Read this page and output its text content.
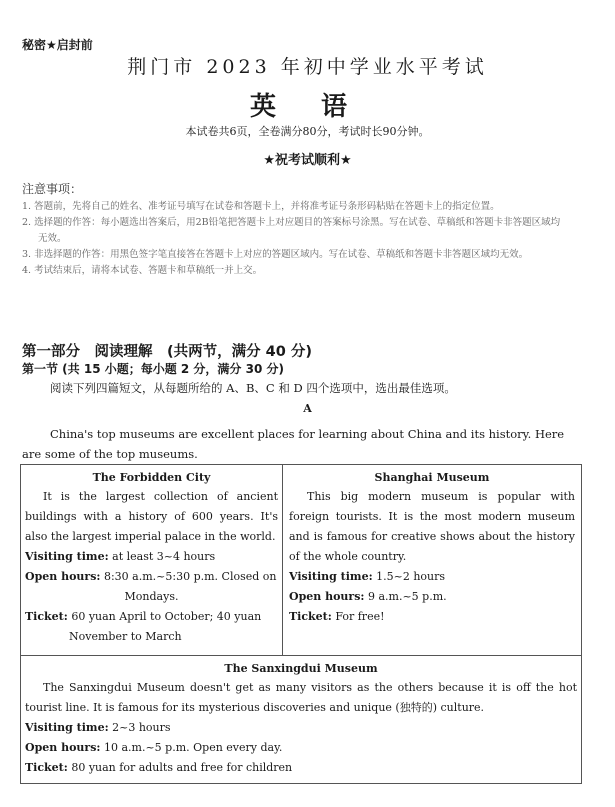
秘密★启封前
荆门市 2023 年初中学业水平考试
英 语
本试卷共6页，全卷满分80分，考试时长90分钟。
★祝考试顺利★
注意事项：
1. 答题前，先将自己的姓名、准考证号填写在试卷和答题卡上，并将准考证号条形码粘贴在答题卡上的指定位置。
2. 选择题的作答：每小题选出答案后，用2B铅笔把答题卡上对应题目的答案标号涂黑。写在试卷、草稿纸和答题卡非答题区域均无效。
3. 非选择题的作答：用黑色签字笔直接答在答题卡上对应的答题区域内。写在试卷、草稿纸和答题卡非答题区域均无效。
4. 考试结束后，请将本试卷、答题卡和草稿纸一并上交。
第一部分　阅读理解　(共两节，满分 40 分)
第一节 (共 15 小题；每小题 2 分，满分 30 分)
阅读下列四篇短文，从每题所给的 A、B、C 和 D 四个选项中，选出最佳选项。
A

China's top museums are excellent places for learning about China and its history. Here are some of the top museums.

The Forbidden City

It is the largest collection of ancient buildings with a history of 600 years. It's also the largest imperial palace in the world.

Visiting time: at least 3~4 hours

Open hours: 8:30 a.m.~5:30 p.m. Closed on

Mondays.

Ticket: 60 yuan April to October; 40 yuan

November to March

Shanghai Museum

This big modern museum is popular with foreign tourists. It is the most modern museum and is famous for creative shows about the history of the whole country.

Visiting time: 1.5~2 hours

Open hours: 9 a.m.~5 p.m.

Ticket: For free!

The Sanxingdui Museum

The Sanxingdui Museum doesn't get as many visitors as the others because it is off the hot tourist line. It is famous for its mysterious discoveries and unique (独特的) culture.

Visiting time: 2~3 hours

Open hours: 10 a.m.~5 p.m. Open every day.

Ticket: 80 yuan for adults and free for children
